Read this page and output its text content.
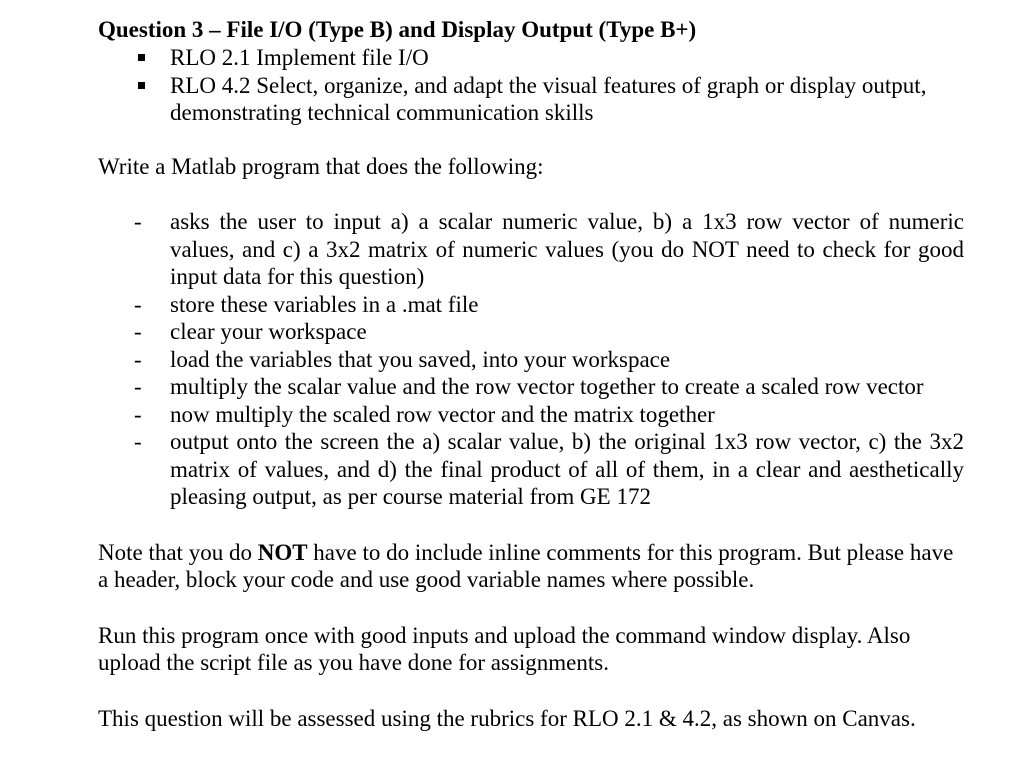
Question 3 – File I/O (Type B) and Display Output (Type B+)

RLO 2.1 Implement file I/O
RLO 4.2 Select, organize, and adapt the visual features of graph or display output, demonstrating technical communication skills

Write a Matlab program that does the following:

- asks the user to input a) a scalar numeric value, b) a 1x3 row vector of numeric values, and c) a 3x2 matrix of numeric values (you do NOT need to check for good input data for this question)
- store these variables in a .mat file
- clear your workspace
- load the variables that you saved, into your workspace
- multiply the scalar value and the row vector together to create a scaled row vector
- now multiply the scaled row vector and the matrix together
- output onto the screen the a) scalar value, b) the original 1x3 row vector, c) the 3x2 matrix of values, and d) the final product of all of them, in a clear and aesthetically pleasing output, as per course material from GE 172

Note that you do NOT have to do include inline comments for this program. But please have a header, block your code and use good variable names where possible.

Run this program once with good inputs and upload the command window display. Also upload the script file as you have done for assignments.

This question will be assessed using the rubrics for RLO 2.1 & 4.2, as shown on Canvas.
